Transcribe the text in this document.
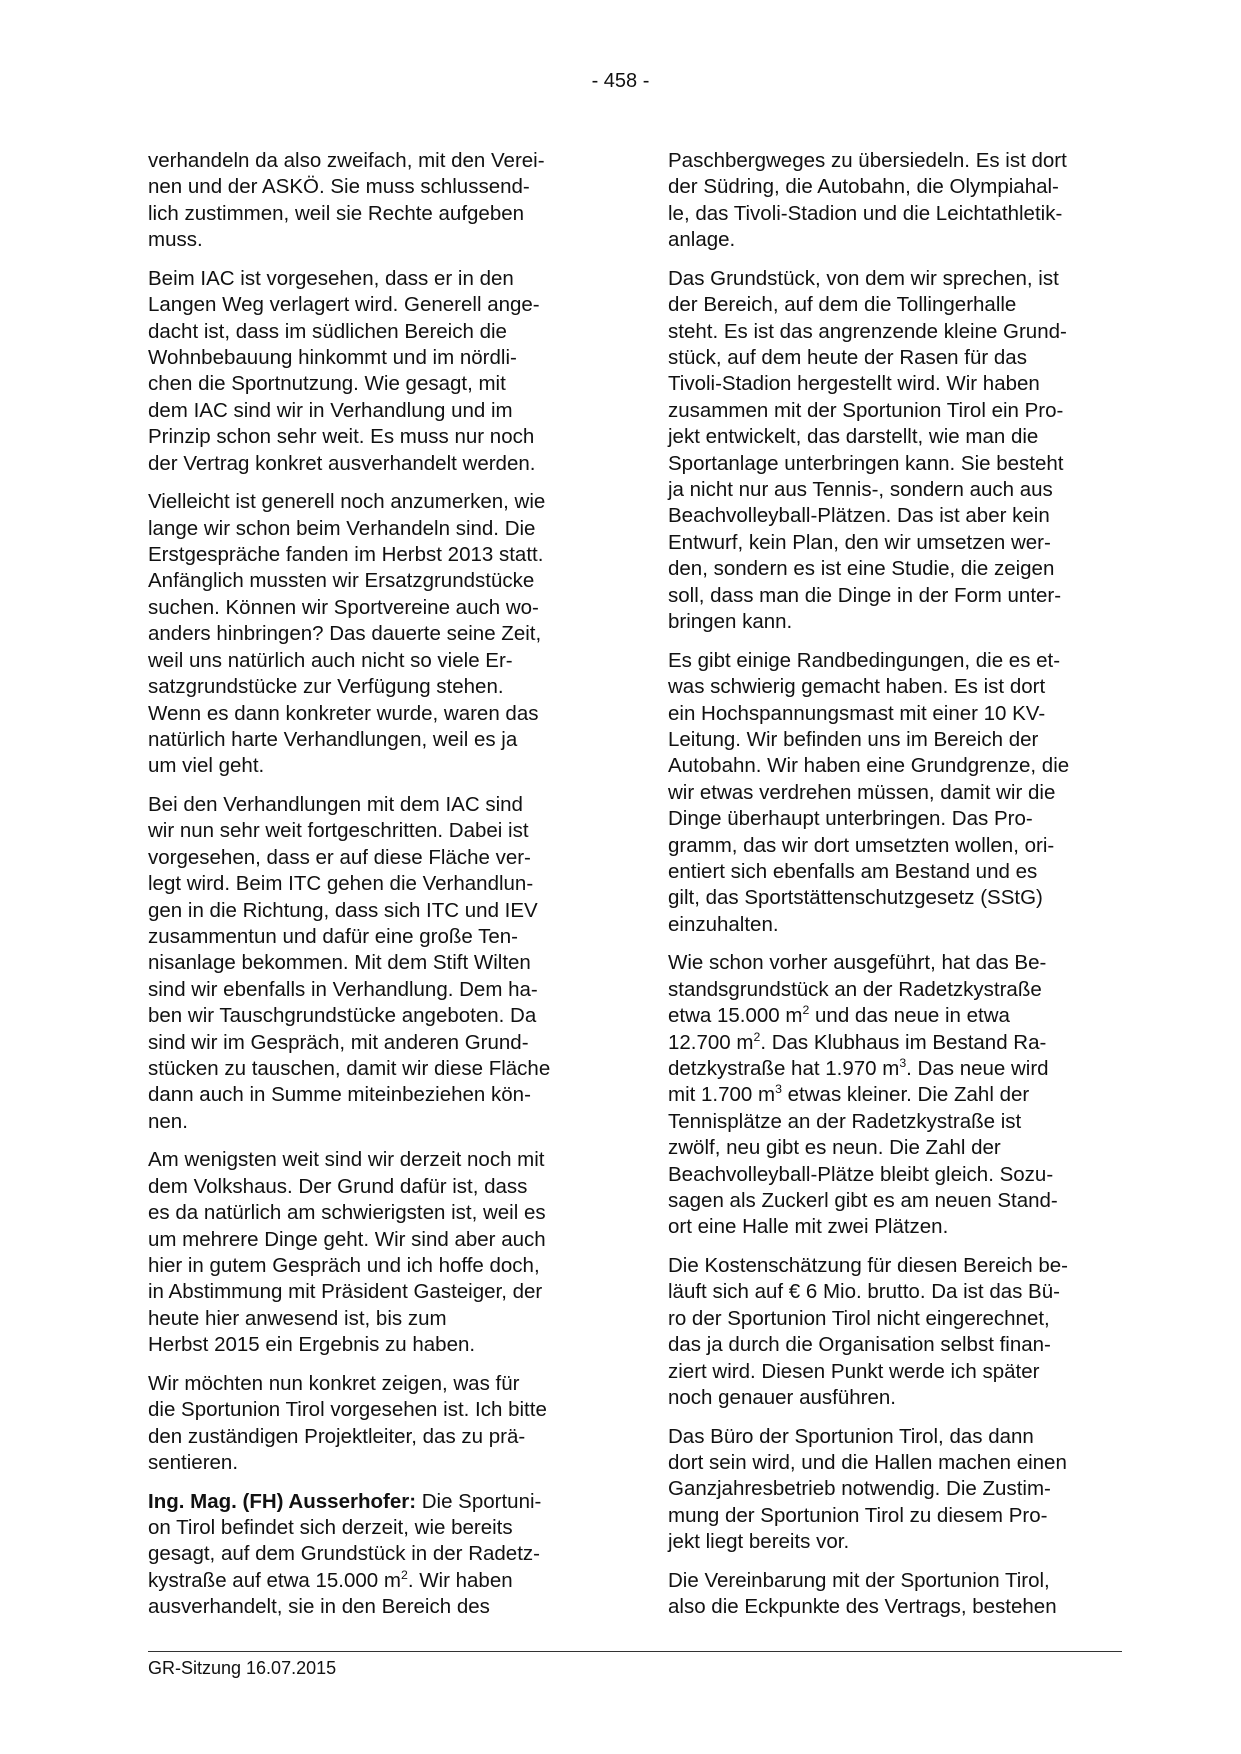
- 458 -
verhandeln da also zweifach, mit den Verei-
nen und der ASKÖ. Sie muss schlussend-
lich zustimmen, weil sie Rechte aufgeben
muss.
Beim IAC ist vorgesehen, dass er in den
Langen Weg verlagert wird. Generell ange-
dacht ist, dass im südlichen Bereich die
Wohnbebauung hinkommt und im nördli-
chen die Sportnutzung. Wie gesagt, mit
dem IAC sind wir in Verhandlung und im
Prinzip schon sehr weit. Es muss nur noch
der Vertrag konkret ausverhandelt werden.
Vielleicht ist generell noch anzumerken, wie
lange wir schon beim Verhandeln sind. Die
Erstgespräche fanden im Herbst 2013 statt.
Anfänglich mussten wir Ersatzgrundstücke
suchen. Können wir Sportvereine auch wo-
anders hinbringen? Das dauerte seine Zeit,
weil uns natürlich auch nicht so viele Er-
satzgrundstücke zur Verfügung stehen.
Wenn es dann konkreter wurde, waren das
natürlich harte Verhandlungen, weil es ja
um viel geht.
Bei den Verhandlungen mit dem IAC sind
wir nun sehr weit fortgeschritten. Dabei ist
vorgesehen, dass er auf diese Fläche ver-
legt wird. Beim ITC gehen die Verhandlun-
gen in die Richtung, dass sich ITC und IEV
zusammentun und dafür eine große Ten-
nisanlage bekommen. Mit dem Stift Wilten
sind wir ebenfalls in Verhandlung. Dem ha-
ben wir Tauschgrundstücke angeboten. Da
sind wir im Gespräch, mit anderen Grund-
stücken zu tauschen, damit wir diese Fläche
dann auch in Summe miteinbeziehen kön-
nen.
Am wenigsten weit sind wir derzeit noch mit
dem Volkshaus. Der Grund dafür ist, dass
es da natürlich am schwierigsten ist, weil es
um mehrere Dinge geht. Wir sind aber auch
hier in gutem Gespräch und ich hoffe doch,
in Abstimmung mit Präsident Gasteiger, der
heute hier anwesend ist, bis zum
Herbst 2015 ein Ergebnis zu haben.
Wir möchten nun konkret zeigen, was für
die Sportunion Tirol vorgesehen ist. Ich bitte
den zuständigen Projektleiter, das zu prä-
sentieren.
Ing. Mag. (FH) Ausserhofer: Die Sportuni-
on Tirol befindet sich derzeit, wie bereits
gesagt, auf dem Grundstück in der Radetz-
kystraße auf etwa 15.000 $m^2$. Wir haben
ausverhandelt, sie in den Bereich des
Paschbergweges zu übersiedeln. Es ist dort
der Südring, die Autobahn, die Olympiahal-
le, das Tivoli-Stadion und die Leichtathletik-
anlage.
Das Grundstück, von dem wir sprechen, ist
der Bereich, auf dem die Tollingerhalle
steht. Es ist das angrenzende kleine Grund-
stück, auf dem heute der Rasen für das
Tivoli-Stadion hergestellt wird. Wir haben
zusammen mit der Sportunion Tirol ein Pro-
jekt entwickelt, das darstellt, wie man die
Sportanlage unterbringen kann. Sie besteht
ja nicht nur aus Tennis-, sondern auch aus
Beachvolleyball-Plätzen. Das ist aber kein
Entwurf, kein Plan, den wir umsetzen wer-
den, sondern es ist eine Studie, die zeigen
soll, dass man die Dinge in der Form unter-
bringen kann.
Es gibt einige Randbedingungen, die es et-
was schwierig gemacht haben. Es ist dort
ein Hochspannungsmast mit einer 10 KV-
Leitung. Wir befinden uns im Bereich der
Autobahn. Wir haben eine Grundgrenze, die
wir etwas verdrehen müssen, damit wir die
Dinge überhaupt unterbringen. Das Pro-
gramm, das wir dort umsetzten wollen, ori-
entiert sich ebenfalls am Bestand und es
gilt, das Sportstättenschutzgesetz (SStG)
einzuhalten.
Wie schon vorher ausgeführt, hat das Be-
standsgrundstück an der Radetzkystraße
etwa 15.000 $m^2$ und das neue in etwa
12.700 $m^2$. Das Klubhaus im Bestand Ra-
detzkystraße hat 1.970 $m^3$. Das neue wird
mit 1.700 $m^3$ etwas kleiner. Die Zahl der
Tennisplätze an der Radetzkystraße ist
zwölf, neu gibt es neun. Die Zahl der
Beachvolleyball-Plätze bleibt gleich. Sozu-
sagen als Zuckerl gibt es am neuen Stand-
ort eine Halle mit zwei Plätzen.
Die Kostenschätzung für diesen Bereich be-
läuft sich auf € 6 Mio. brutto. Da ist das Bü-
ro der Sportunion Tirol nicht eingerechnet,
das ja durch die Organisation selbst finan-
ziert wird. Diesen Punkt werde ich später
noch genauer ausführen.
Das Büro der Sportunion Tirol, das dann
dort sein wird, und die Hallen machen einen
Ganzjahresbetrieb notwendig. Die Zustim-
mung der Sportunion Tirol zu diesem Pro-
jekt liegt bereits vor.
Die Vereinbarung mit der Sportunion Tirol,
also die Eckpunkte des Vertrags, bestehen
GR-Sitzung 16.07.2015
